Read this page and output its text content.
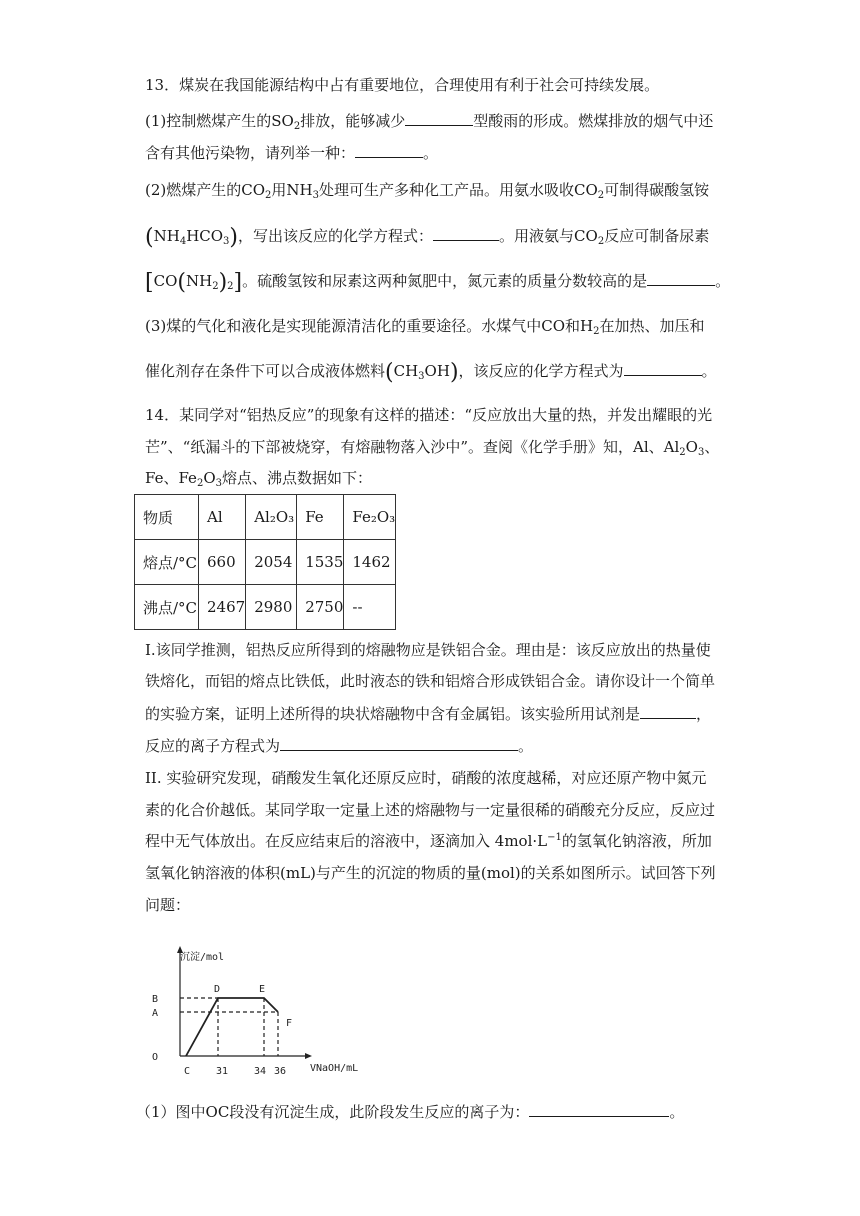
13．煤炭在我国能源结构中占有重要地位，合理使用有利于社会可持续发展。
(1)控制燃煤产生的$SO_2$排放，能够减少	型酸雨的形成。燃煤排放的烟气中还
含有其他污染物，请列举一种：	。
(2)燃煤产生的$CO_2$用$NH_3$处理可生产多种化工产品。用氨水吸收$CO_2$可制得碳酸氢铵
$(NH_4HCO_3)$，写出该反应的化学方程式：	。用液氨与$CO_2$反应可制备尿素
$[CO(NH_2)_2]$。硫酸氢铵和尿素这两种氮肥中，氮元素的质量分数较高的是	。
(3)煤的气化和液化是实现能源清洁化的重要途径。水煤气中CO和$H_2$在加热、加压和
催化剂存在条件下可以合成液体燃料$(CH_3OH)$，该反应的化学方程式为	。
14．某同学对“铝热反应”的现象有这样的描述：“反应放出大量的热，并发出耀眼的光
芒”、“纸漏斗的下部被烧穿，有熔融物落入沙中”。查阅《化学手册》知，Al、$Al_2O_3$、
Fe、$Fe_2O_3$熔点、沸点数据如下：
物质	Al	Al₂O₃	Fe	Fe₂O₃
熔点/°C	660	2054	1535	1462
沸点/°C	2467	2980	2750	--
I.该同学推测，铝热反应所得到的熔融物应是铁铝合金。理由是：该反应放出的热量使
铁熔化，而铝的熔点比铁低，此时液态的铁和铝熔合形成铁铝合金。请你设计一个简单
的实验方案，证明上述所得的块状熔融物中含有金属铝。该实验所用试剂是	，
反应的离子方程式为	。
II. 实验研究发现，硝酸发生氧化还原反应时，硝酸的浓度越稀，对应还原产物中氮元
素的化合价越低。某同学取一定量上述的熔融物与一定量很稀的硝酸充分反应，反应过
程中无气体放出。在反应结束后的溶液中，逐滴加入 $4mol\cdot L^{-1}$的氢氧化钠溶液，所加
氢氧化钠溶液的体积(mL)与产生的沉淀的物质的量(mol)的关系如图所示。试回答下列
问题：
沉淀/mol
VNaOH/mL
O
B
A
C	31	34 36
D	E
F
（1）图中OC段没有沉淀生成，此阶段发生反应的离子为：	。
